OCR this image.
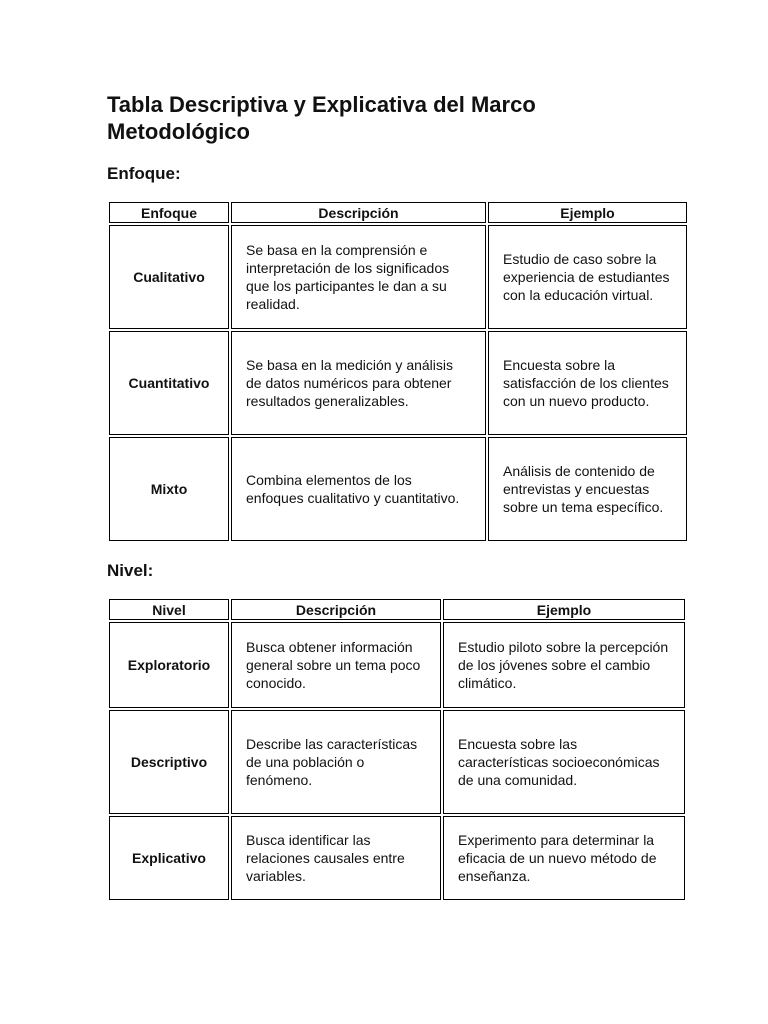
Tabla Descriptiva y Explicativa del Marco Metodológico
Enfoque:
Enfoque	Descripción	Ejemplo
Cualitativo	Se basa en la comprensión e interpretación de los significados que los participantes le dan a su realidad.	Estudio de caso sobre la experiencia de estudiantes con la educación virtual.
Cuantitativo	Se basa en la medición y análisis de datos numéricos para obtener resultados generalizables.	Encuesta sobre la satisfacción de los clientes con un nuevo producto.
Mixto	Combina elementos de los enfoques cualitativo y cuantitativo.	Análisis de contenido de entrevistas y encuestas sobre un tema específico.
Nivel:
Nivel	Descripción	Ejemplo
Exploratorio	Busca obtener información general sobre un tema poco conocido.	Estudio piloto sobre la percepción de los jóvenes sobre el cambio climático.
Descriptivo	Describe las características de una población o fenómeno.	Encuesta sobre las características socioeconómicas de una comunidad.
Explicativo	Busca identificar las relaciones causales entre variables.	Experimento para determinar la eficacia de un nuevo método de enseñanza.
